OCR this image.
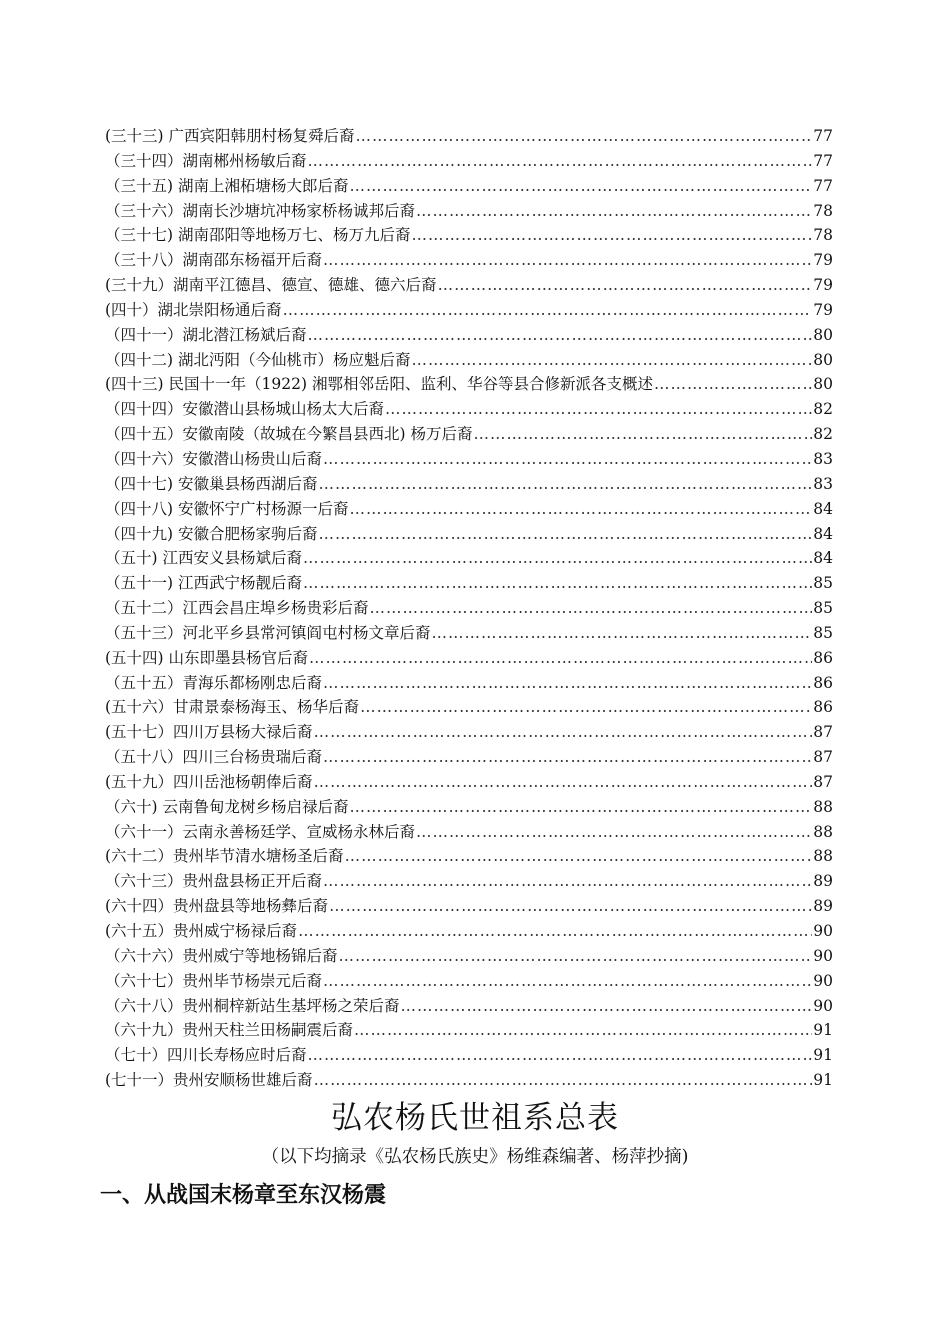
(三十三) 广西宾阳韩朋村杨复舜后裔 ………………………………………………………………………………………………………………………………………………………………	77
（三十四）湖南郴州杨敏后裔 ………………………………………………………………………………………………………………………………………………………………	77
（三十五) 湖南上湘柘塘杨大郎后裔 ………………………………………………………………………………………………………………………………………………………………	77
（三十六）湖南长沙塘坑冲杨家桥杨诚邦后裔 ………………………………………………………………………………………………………………………………………………………………	78
（三十七) 湖南邵阳等地杨万七、杨万九后裔 ………………………………………………………………………………………………………………………………………………………………	78
（三十八）湖南邵东杨福开后裔 ………………………………………………………………………………………………………………………………………………………………	79
(三十九）湖南平江德昌、德宣、德雄、德六后裔 ………………………………………………………………………………………………………………………………………………………………	79
(四十）湖北崇阳杨通后裔 ………………………………………………………………………………………………………………………………………………………………	79
（四十一）湖北潜江杨斌后裔 ………………………………………………………………………………………………………………………………………………………………	80
（四十二) 湖北沔阳（今仙桃市）杨应魁后裔 ………………………………………………………………………………………………………………………………………………………………	80
(四十三) 民国十一年（1922) 湘鄂相邻岳阳、监利、华谷等县合修新派各支概述 ………………………………………………………………………………………………………………………………………………………………	80
（四十四）安徽潜山县杨城山杨太大后裔 ………………………………………………………………………………………………………………………………………………………………	82
（四十五）安徽南陵（故城在今繁昌县西北) 杨万后裔 ………………………………………………………………………………………………………………………………………………………………	82
（四十六）安徽潜山杨贵山后裔 ………………………………………………………………………………………………………………………………………………………………	83
（四十七) 安徽巢县杨西湖后裔 ………………………………………………………………………………………………………………………………………………………………	83
（四十八) 安徽怀宁广村杨源一后裔 ………………………………………………………………………………………………………………………………………………………………	84
（四十九) 安徽合肥杨家驹后裔 ………………………………………………………………………………………………………………………………………………………………	84
（五十) 江西安义县杨斌后裔 ………………………………………………………………………………………………………………………………………………………………	84
（五十一) 江西武宁杨靓后裔 ………………………………………………………………………………………………………………………………………………………………	85
（五十二）江西会昌庄埠乡杨贵彩后裔 ………………………………………………………………………………………………………………………………………………………………	85
（五十三）河北平乡县常河镇阎屯村杨文章后裔 ………………………………………………………………………………………………………………………………………………………………	85
(五十四) 山东即墨县杨官后裔 ………………………………………………………………………………………………………………………………………………………………	86
（五十五）青海乐都杨刚忠后裔 ………………………………………………………………………………………………………………………………………………………………	86
(五十六）甘肃景泰杨海玉、杨华后裔 ………………………………………………………………………………………………………………………………………………………………	86
(五十七）四川万县杨大禄后裔 ………………………………………………………………………………………………………………………………………………………………	87
（五十八）四川三台杨贵瑞后裔 ………………………………………………………………………………………………………………………………………………………………	87
(五十九）四川岳池杨朝俸后裔 ………………………………………………………………………………………………………………………………………………………………	87
（六十) 云南鲁甸龙树乡杨启禄后裔 ………………………………………………………………………………………………………………………………………………………………	88
（六十一）云南永善杨廷学、宣威杨永林后裔 ………………………………………………………………………………………………………………………………………………………………	88
(六十二）贵州毕节清水塘杨圣后裔 ………………………………………………………………………………………………………………………………………………………………	88
（六十三）贵州盘县杨正开后裔 ………………………………………………………………………………………………………………………………………………………………	89
(六十四）贵州盘县等地杨彝后裔 ………………………………………………………………………………………………………………………………………………………………	89
(六十五）贵州威宁杨禄后裔 ………………………………………………………………………………………………………………………………………………………………	90
（六十六）贵州威宁等地杨锦后裔 ………………………………………………………………………………………………………………………………………………………………	90
（六十七）贵州毕节杨崇元后裔 ………………………………………………………………………………………………………………………………………………………………	90
（六十八）贵州桐梓新站生基坪杨之荣后裔 ………………………………………………………………………………………………………………………………………………………………	90
（六十九）贵州天柱兰田杨嗣震后裔 ………………………………………………………………………………………………………………………………………………………………	91
（七十）四川长寿杨应时后裔 ………………………………………………………………………………………………………………………………………………………………	91
(七十一）贵州安顺杨世雄后裔 ………………………………………………………………………………………………………………………………………………………………	91
弘农杨氏世祖系总表
（以下均摘录《弘农杨氏族史》杨维森编著、杨萍抄摘)
一、从战国末杨章至东汉杨震
